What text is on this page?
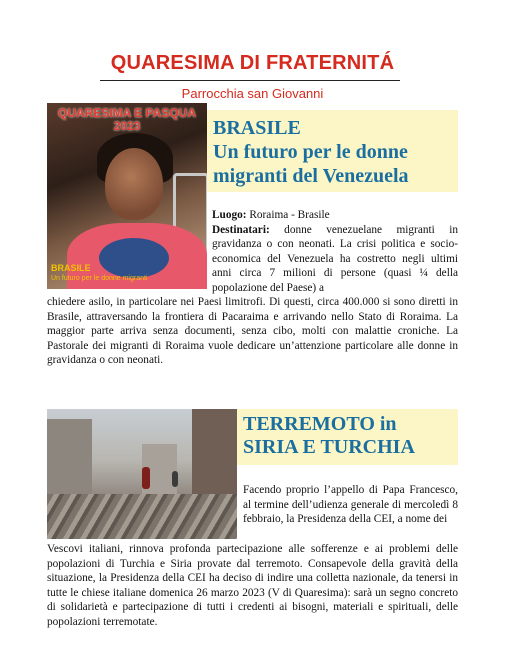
QUARESIMA DI FRATERNITÁ
Parrocchia san Giovanni
QUARESIMA E PASQUA 2023
BRASILE
Un futuro per le donne migranti
BRASILE
Un futuro per le donne
migranti del Venezuela
Luogo: Roraima - Brasile
Destinatari: donne venezuelane migranti in gravidanza o con neonati. La crisi politica e socio-economica del Venezuela ha costretto negli ultimi anni circa 7 milioni di persone (quasi ¼ della popolazione del Paese) a
chiedere asilo, in particolare nei Paesi limitrofi. Di questi, circa 400.000 si sono diretti in Brasile, attraversando la frontiera di Pacaraima e arrivando nello Stato di Roraima. La maggior parte arriva senza documenti, senza cibo, molti con malattie croniche. La Pastorale dei migranti di Roraima vuole dedicare un’attenzione particolare alle donne in gravidanza o con neonati.
TERREMOTO in
SIRIA E TURCHIA
Facendo proprio l’appello di Papa Francesco, al termine dell’udienza generale di mercoledì 8 febbraio, la Presidenza della CEI, a nome dei
Vescovi italiani, rinnova profonda partecipazione alle sofferenze e ai problemi delle popolazioni di Turchia e Siria provate dal terremoto. Consapevole della gravità della situazione, la Presidenza della CEI ha deciso di indire una colletta nazionale, da tenersi in tutte le chiese italiane domenica 26 marzo 2023 (V di Quaresima): sarà un segno concreto di solidarietà e partecipazione di tutti i credenti ai bisogni, materiali e spirituali, delle popolazioni terremotate.
